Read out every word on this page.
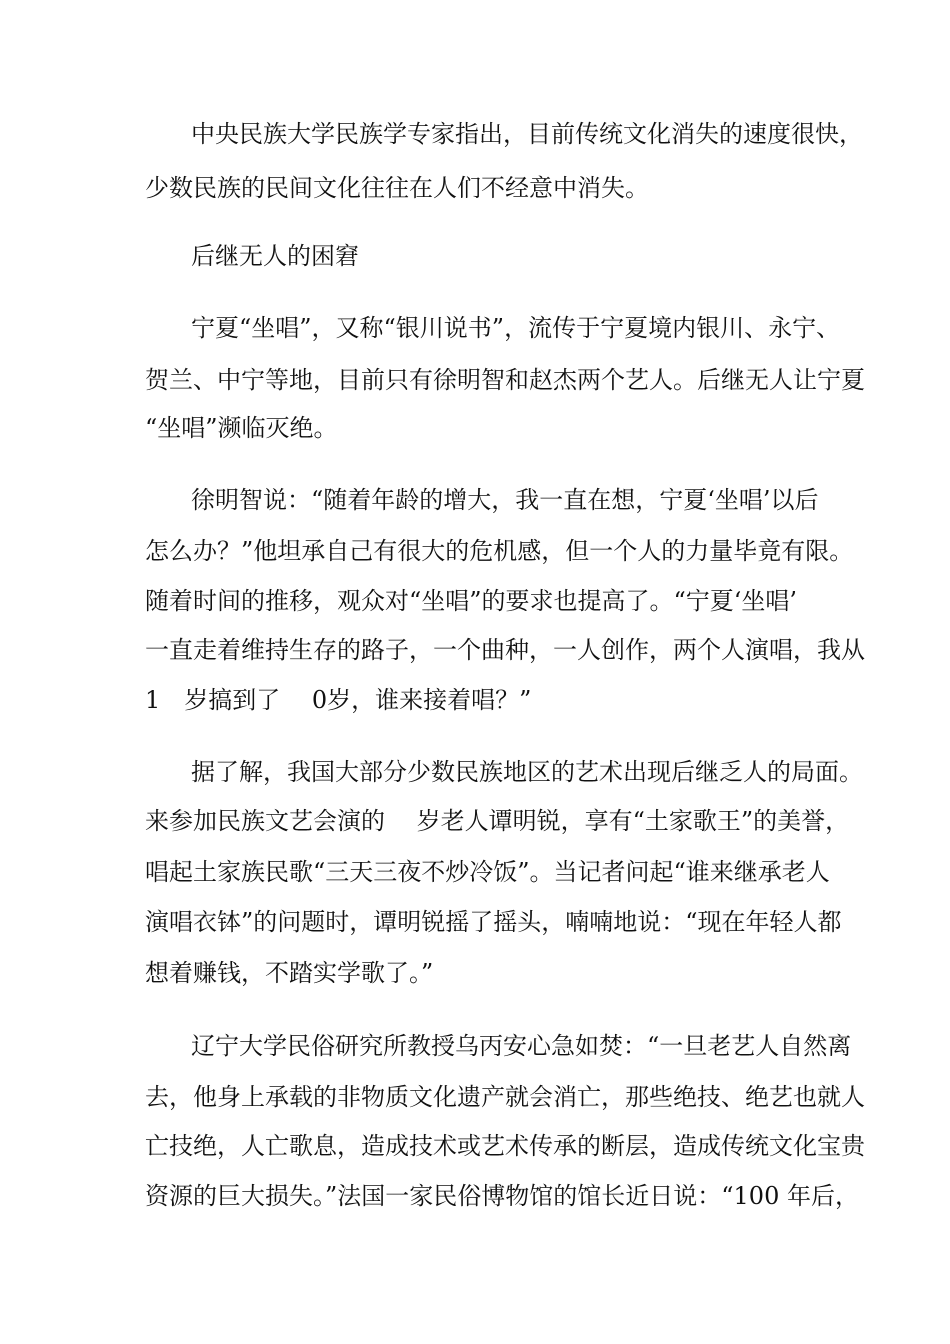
中央民族大学民族学专家指出，目前传统文化消失的速度很快，
少数民族的民间文化往往在人们不经意中消失。
后继无人的困窘
宁夏“坐唱”，又称“银川说书”，流传于宁夏境内银川、永宁、
贺兰、中宁等地，目前只有徐明智和赵杰两个艺人。后继无人让宁夏
“坐唱”濒临灭绝。
徐明智说：“随着年龄的增大，我一直在想，宁夏‘坐唱’以后
怎么办？”他坦承自己有很大的危机感，但一个人的力量毕竟有限。
随着时间的推移，观众对“坐唱”的要求也提高了。“宁夏‘坐唱’
一直走着维持生存的路子，一个曲种，一人创作，两个人演唱，我从
1　岁搞到了　 0岁，谁来接着唱？”
据了解，我国大部分少数民族地区的艺术出现后继乏人的局面。
来参加民族文艺会演的　 岁老人谭明锐，享有“土家歌王”的美誉，
唱起土家族民歌“三天三夜不炒冷饭”。当记者问起“谁来继承老人
演唱衣钵”的问题时，谭明锐摇了摇头，喃喃地说：“现在年轻人都
想着赚钱，不踏实学歌了。”
辽宁大学民俗研究所教授乌丙安心急如焚：“一旦老艺人自然离
去，他身上承载的非物质文化遗产就会消亡，那些绝技、绝艺也就人
亡技绝，人亡歌息，造成技术或艺术传承的断层，造成传统文化宝贵
资源的巨大损失。”法国一家民俗博物馆的馆长近日说：“100 年后，
